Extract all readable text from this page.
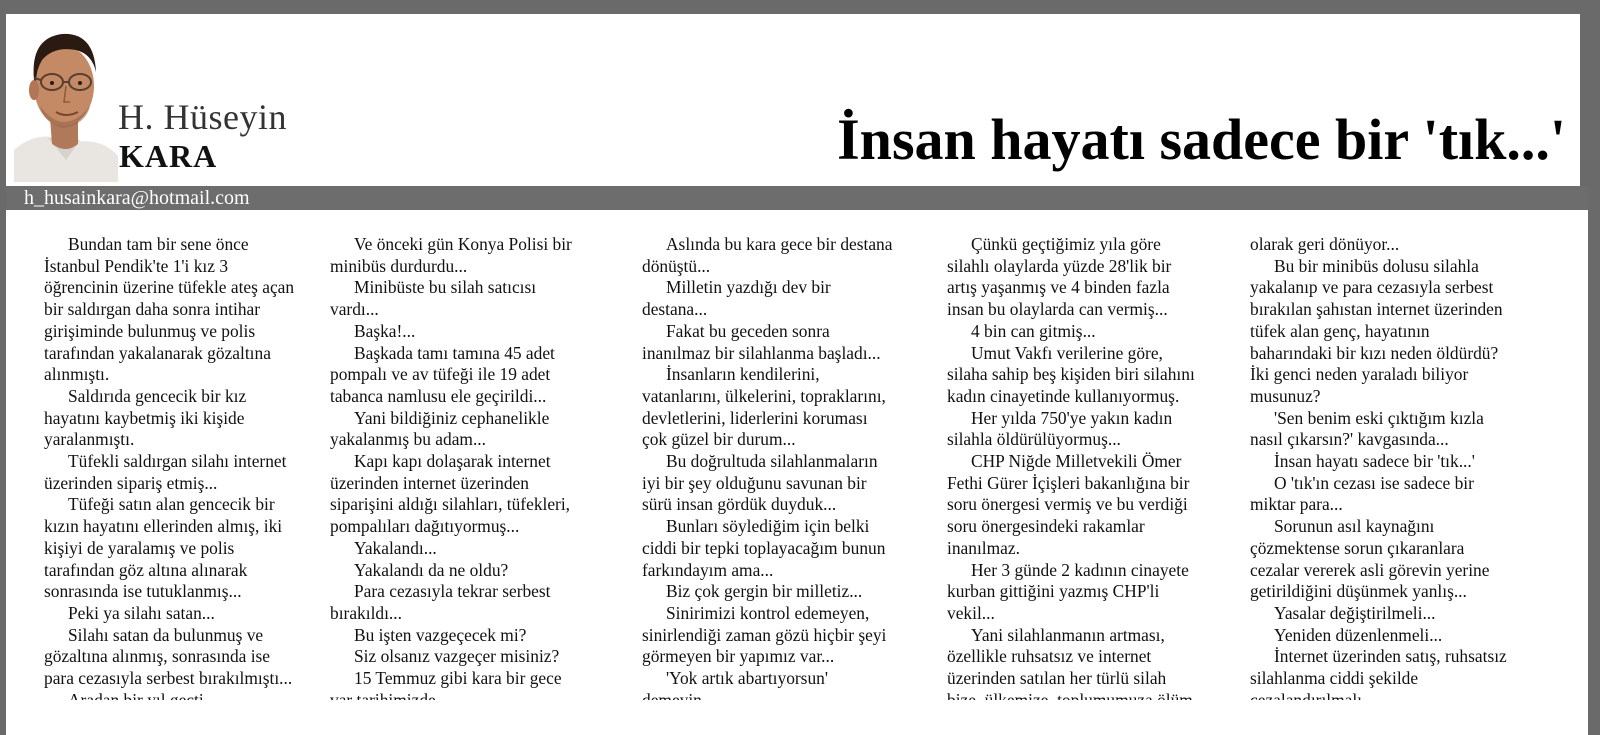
H. Hüseyin
KARA	İnsan hayatı sadece bir 'tık...'
h_husainkara@hotmail.com
Bundan tam bir sene önce
İstanbul Pendik'te 1'i kız 3
öğrencinin üzerine tüfekle ateş açan
bir saldırgan daha sonra intihar
girişiminde bulunmuş ve polis
tarafından yakalanarak gözaltına
alınmıştı.
Saldırıda gencecik bir kız
hayatını kaybetmiş iki kişide
yaralanmıştı.
Tüfekli saldırgan silahı internet
üzerinden sipariş etmiş...
Tüfeği satın alan gencecik bir
kızın hayatını ellerinden almış, iki
kişiyi de yaralamış ve polis
tarafından göz altına alınarak
sonrasında ise tutuklanmış...
Peki ya silahı satan...
Silahı satan da bulunmuş ve
gözaltına alınmış, sonrasında ise
para cezasıyla serbest bırakılmıştı...
Ve önceki gün Konya Polisi bir
minibüs durdurdu...
Minibüste bu silah satıcısı
vardı...
Başka!...
Başkada tamı tamına 45 adet
pompalı ve av tüfeği ile 19 adet
tabanca namlusu ele geçirildi...
Yani bildiğiniz cephanelikle
yakalanmış bu adam...
Kapı kapı dolaşarak internet
üzerinden internet üzerinden
siparişini aldığı silahları, tüfekleri,
pompalıları dağıtıyormuş...
Yakalandı...
Yakalandı da ne oldu?
Para cezasıyla tekrar serbest
bırakıldı...
Bu işten vazgeçecek mi?
Siz olsanız vazgeçer misiniz?
15 Temmuz gibi kara bir gece
Aslında bu kara gece bir destana
dönüştü...
Milletin yazdığı dev bir
destana...
Fakat bu geceden sonra
inanılmaz bir silahlanma başladı...
İnsanların kendilerini,
vatanlarını, ülkelerini, topraklarını,
devletlerini, liderlerini koruması
çok güzel bir durum...
Bu doğrultuda silahlanmaların
iyi bir şey olduğunu savunan bir
sürü insan gördük duyduk...
Bunları söylediğim için belki
ciddi bir tepki toplayacağım bunun
farkındayım ama...
Biz çok gergin bir milletiz...
Sinirimizi kontrol edemeyen,
sinirlendiği zaman gözü hiçbir şeyi
görmeyen bir yapımız var...
'Yok artık abartıyorsun'
Çünkü geçtiğimiz yıla göre
silahlı olaylarda yüzde 28'lik bir
artış yaşanmış ve 4 binden fazla
insan bu olaylarda can vermiş...
4 bin can gitmiş...
Umut Vakfı verilerine göre,
silaha sahip beş kişiden biri silahını
kadın cinayetinde kullanıyormuş.
Her yılda 750'ye yakın kadın
silahla öldürülüyormuş...
CHP Niğde Milletvekili Ömer
Fethi Gürer İçişleri bakanlığına bir
soru önergesi vermiş ve bu verdiği
soru önergesindeki rakamlar
inanılmaz.
Her 3 günde 2 kadının cinayete
kurban gittiğini yazmış CHP'li
vekil...
Yani silahlanmanın artması,
özellikle ruhsatsız ve internet
üzerinden satılan her türlü silah
olarak geri dönüyor...
Bu bir minibüs dolusu silahla
yakalanıp ve para cezasıyla serbest
bırakılan şahıstan internet üzerinden
tüfek alan genç, hayatının
baharındaki bir kızı neden öldürdü?
İki genci neden yaraladı biliyor
musunuz?
'Sen benim eski çıktığım kızla
nasıl çıkarsın?' kavgasında...
İnsan hayatı sadece bir 'tık...'
O 'tık'ın cezası ise sadece bir
miktar para...
Sorunun asıl kaynağını
çözmektense sorun çıkaranlara
cezalar vererek asli görevin yerine
getirildiğini düşünmek yanlış...
Yasalar değiştirilmeli...
Yeniden düzenlenmeli...
İnternet üzerinden satış, ruhsatsız
silahlanma ciddi şekilde
